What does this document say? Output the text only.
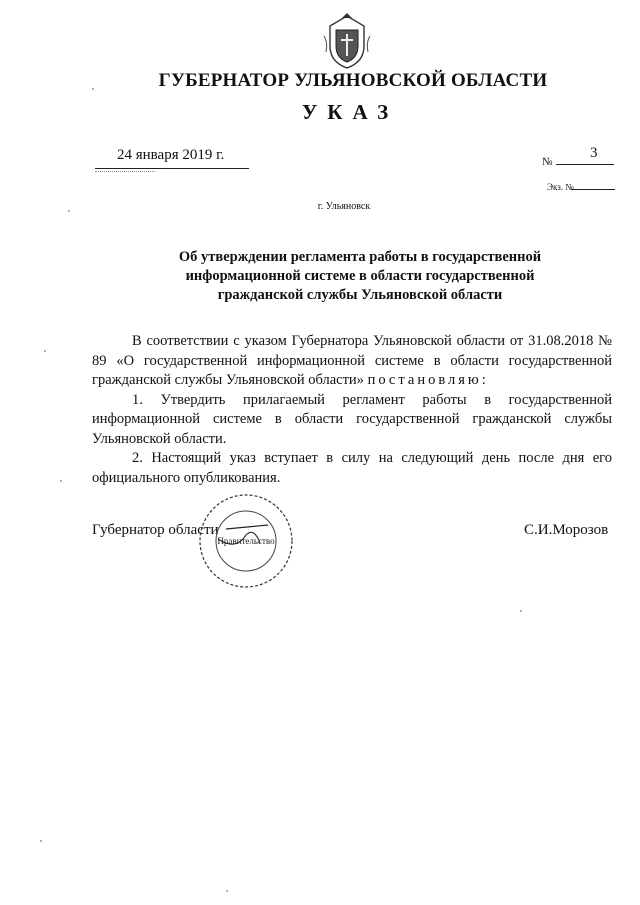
ГУБЕРНАТОР УЛЬЯНОВСКОЙ ОБЛАСТИ
УКАЗ
24 января 2019 г.	№
3
Экз. №
г. Ульяновск
Об утверждении регламента работы в государственной
информационной системе в области государственной
гражданской службы Ульяновской области

В соответствии с указом Губернатора Ульяновской области от 31.08.2018 № 89 «О государственной информационной системе в области государственной гражданской службы Ульяновской области» постановляю:

1. Утвердить прилагаемый регламент работы в государственной информационной системе в области государственной гражданской службы Ульяновской области.

2. Настоящий указ вступает в силу на следующий день после дня его официального опубликования.

Губернатор области	С.И.Морозов
Правительство
